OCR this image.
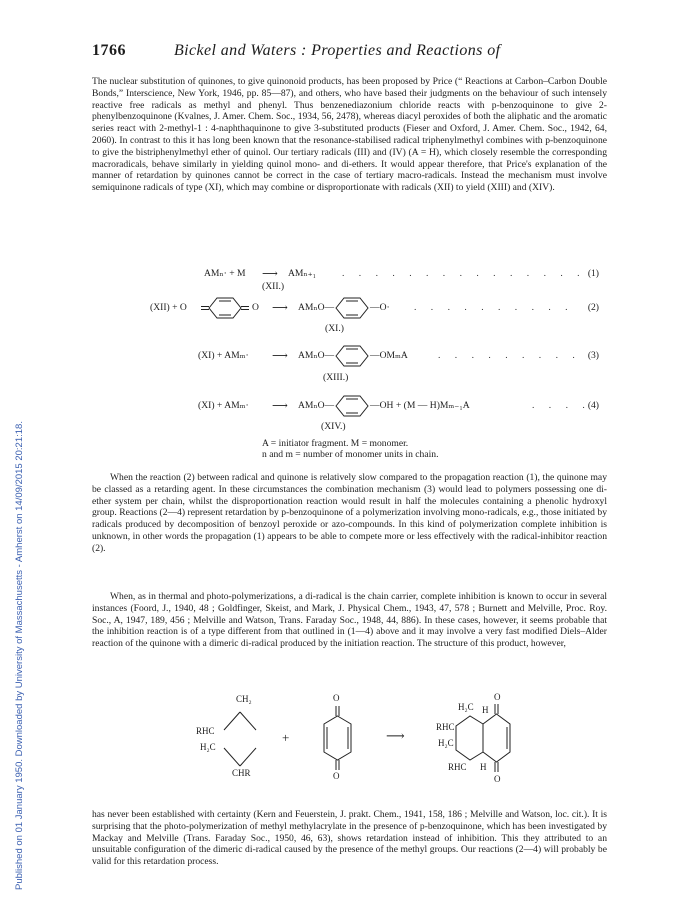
Published on 01 January 1950. Downloaded by University of Massachusetts - Amherst on 14/09/2015 20:21:18.
1766	Bickel and Waters : Properties and Reactions of

The nuclear substitution of quinones, to give quinonoid products, has been proposed by Price (“ Reactions at Carbon–Carbon Double Bonds,” Interscience, New York, 1946, pp. 85—87), and others, who have based their judgments on the behaviour of such intensely reactive free radicals as methyl and phenyl. Thus benzenediazonium chloride reacts with p-benzoquinone to give 2-phenylbenzoquinone (Kvalnes, J. Amer. Chem. Soc., 1934, 56, 2478), whereas diacyl peroxides of both the aliphatic and the aromatic series react with 2-methyl-1 : 4-naphthaquinone to give 3-substituted products (Fieser and Oxford, J. Amer. Chem. Soc., 1942, 64, 2060). In contrast to this it has long been known that the resonance-stabilised radical triphenylmethyl combines with p-benzoquinone to give the bistriphenylmethyl ether of quinol. Our tertiary radicals (III) and (IV) (A = H), which closely resemble the corresponding macroradicals, behave similarly in yielding quinol mono- and di-ethers. It would appear therefore, that Price's explanation of the manner of retardation by quinones cannot be correct in the case of tertiary macro-radicals. Instead the mechanism must involve semiquinone radicals of type (XI), which may combine or disproportionate with radicals (XII) to yield (XIII) and (XIV).

AMₙ· + M ⟶ AMₙ₊₁	. . . . . . . . . . . . . . . (1)
(XII.)
(XII) + O	O ⟶ AMₙO—	—O·	. . . . . . . . . . (2)
(XI.)
(XI) + AMₘ· ⟶ AMₙO—	—OMₘA	. . . . . . . . . (3)
(XIII.)
(XI) + AMₘ· ⟶ AMₙO—	—OH + (M — H)Mₘ₋₁A	. . . .
(4)
(XIV.)
A = initiator fragment. M = monomer.
n and m = number of monomer units in chain.

When the reaction (2) between radical and quinone is relatively slow compared to the propagation reaction (1), the quinone may be classed as a retarding agent. In these circumstances the combination mechanism (3) would lead to polymers possessing one di-ether system per chain, whilst the disproportionation reaction would result in half the molecules containing a phenolic hydroxyl group. Reactions (2—4) represent retardation by p-benzoquinone of a polymerization involving mono-radicals, e.g., those initiated by radicals produced by decomposition of benzoyl peroxide or azo-compounds. In this kind of polymerization complete inhibition is unknown, in other words the propagation (1) appears to be able to compete more or less effectively with the radical-inhibitor reaction (2).

When, as in thermal and photo-polymerizations, a di-radical is the chain carrier, complete inhibition is known to occur in several instances (Foord, J., 1940, 48 ; Goldfinger, Skeist, and Mark, J. Physical Chem., 1943, 47, 578 ; Burnett and Melville, Proc. Roy. Soc., A, 1947, 189, 456 ; Melville and Watson, Trans. Faraday Soc., 1948, 44, 886). In these cases, however, it seems probable that the inhibition reaction is of a type different from that outlined in (1—4) above and it may involve a very fast modified Diels–Alder reaction of the quinone with a dimeric di-radical produced by the initiation reaction. The structure of this product, however,

CH₂
RHC
H₂C
CHR
+
O
O
⟶
H₂C H
O
RHC
H₂C
RHC H
O

has never been established with certainty (Kern and Feuerstein, J. prakt. Chem., 1941, 158, 186 ; Melville and Watson, loc. cit.). It is surprising that the photo-polymerization of methyl methylacrylate in the presence of p-benzoquinone, which has been investigated by Mackay and Melville (Trans. Faraday Soc., 1950, 46, 63), shows retardation instead of inhibition. This they attributed to an unsuitable configuration of the dimeric di-radical caused by the presence of the methyl groups. Our reactions (2—4) will probably be valid for this retardation process.
